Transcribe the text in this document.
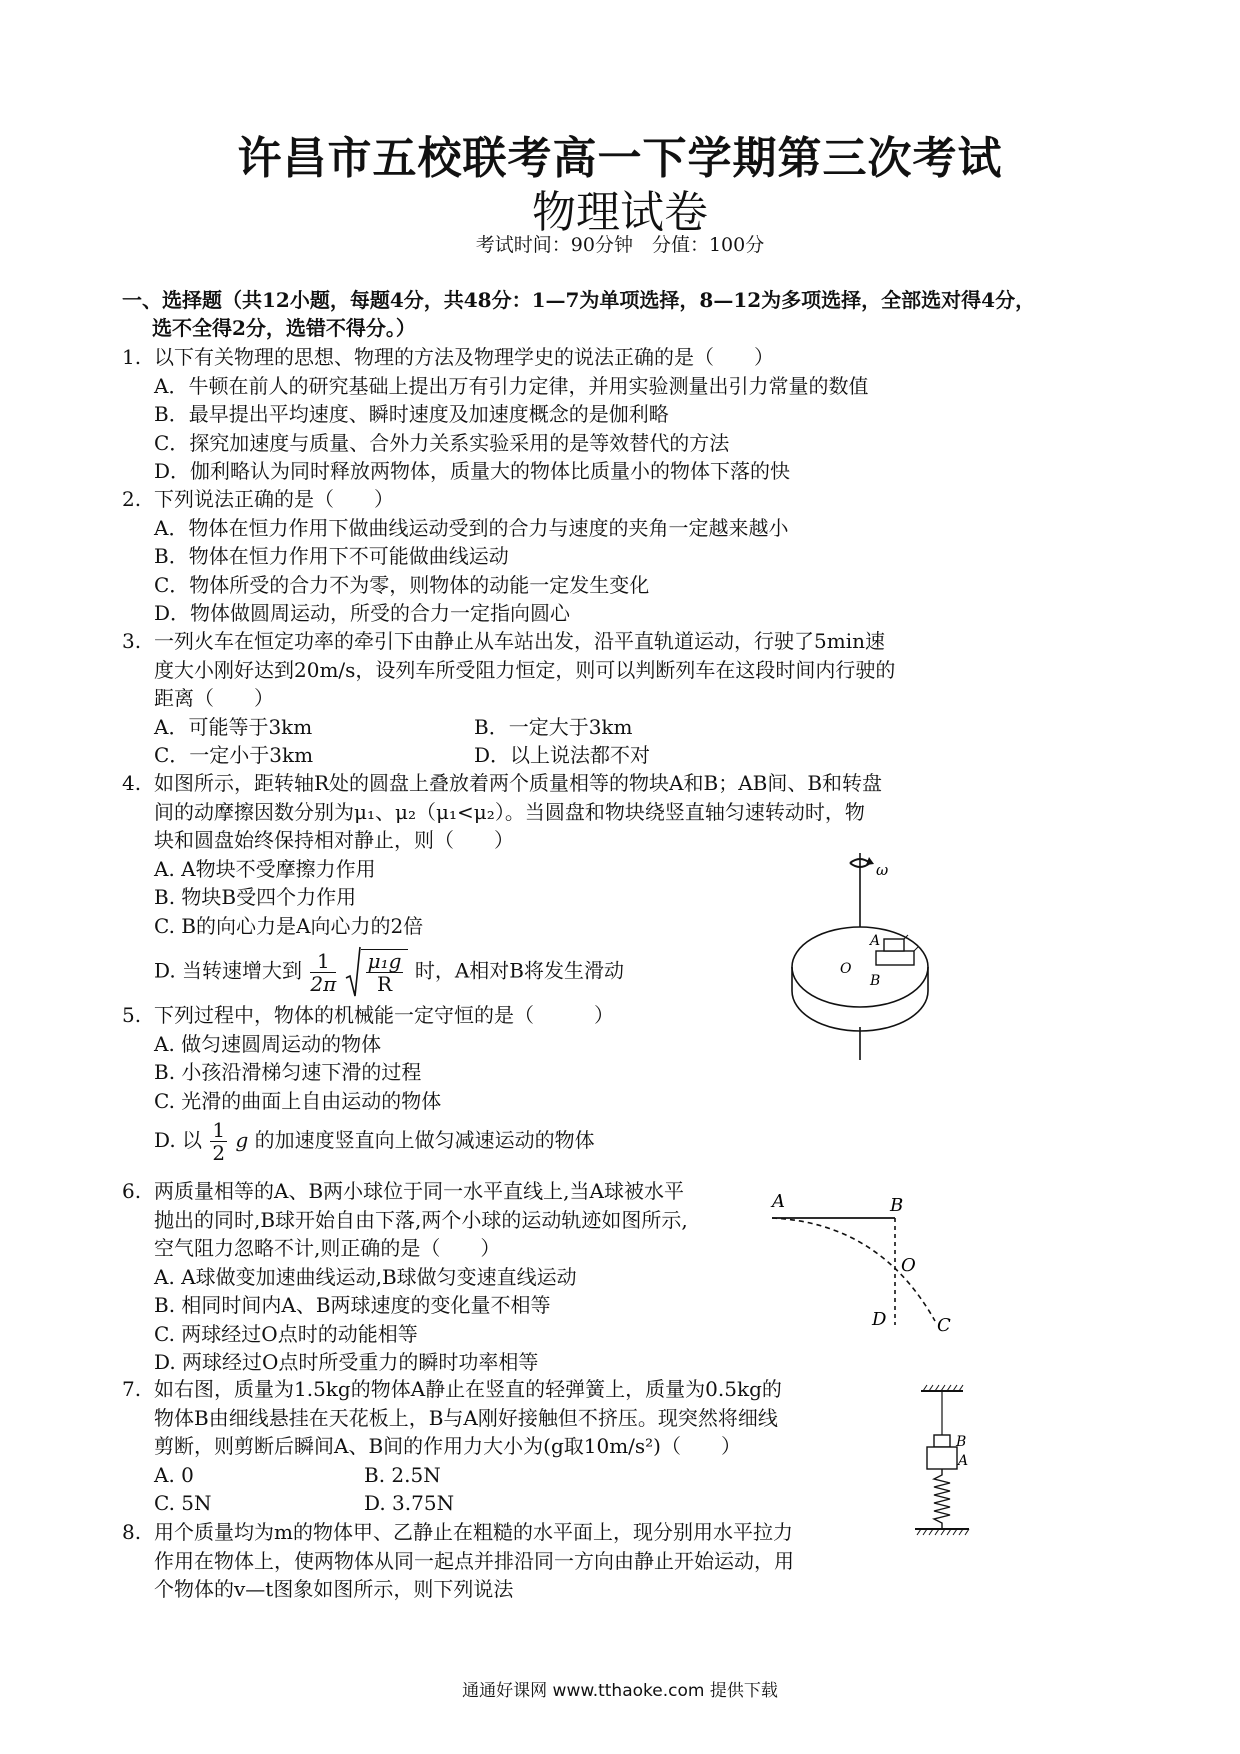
许昌市五校联考高一下学期第三次考试
物理试卷
考试时间：90分钟　分值：100分
一、选择题（共12小题，每题4分，共48分：1—7为单项选择，8—12为多项选择，全部选对得4分，
选不全得2分，选错不得分。）
1. 以下有关物理的思想、物理的方法及物理学史的说法正确的是（　　）
A．牛顿在前人的研究基础上提出万有引力定律，并用实验测量出引力常量的数值
B．最早提出平均速度、瞬时速度及加速度概念的是伽利略
C．探究加速度与质量、合外力关系实验采用的是等效替代的方法
D．伽利略认为同时释放两物体，质量大的物体比质量小的物体下落的快
2. 下列说法正确的是（　　）
A．物体在恒力作用下做曲线运动受到的合力与速度的夹角一定越来越小
B．物体在恒力作用下不可能做曲线运动
C．物体所受的合力不为零，则物体的动能一定发生变化
D．物体做圆周运动，所受的合力一定指向圆心
3. 一列火车在恒定功率的牵引下由静止从车站出发，沿平直轨道运动，行驶了5min速
度大小刚好达到20m/s，设列车所受阻力恒定，则可以判断列车在这段时间内行驶的
距离（　　）
A．可能等于3km	B．一定大于3km
C．一定小于3km	D．以上说法都不对
4. 如图所示，距转轴R处的圆盘上叠放着两个质量相等的物块A和B；AB间、B和转盘
间的动摩擦因数分别为μ₁、μ₂（μ₁<μ₂）。当圆盘和物块绕竖直轴匀速转动时，物
块和圆盘始终保持相对静止，则（　　）
A. A物块不受摩擦力作用
B. 物块B受四个力作用
C. B的向心力是A向心力的2倍
D. 当转速增大到 $\frac{1}{2\pi}$
$\frac{\text{μ₁g}}{R}$ 时，A相对B将发生滑动
5. 下列过程中，物体的机械能一定守恒的是（　　　）
A. 做匀速圆周运动的物体
B. 小孩沿滑梯匀速下滑的过程
C. 光滑的曲面上自由运动的物体
D. 以 $\frac{1}{2}$ g 的加速度竖直向上做匀减速运动的物体
6. 两质量相等的A、B两小球位于同一水平直线上,当A球被水平
抛出的同时,B球开始自由下落,两个小球的运动轨迹如图所示,
空气阻力忽略不计,则正确的是（　　）
A. A球做变加速曲线运动,B球做匀变速直线运动
B. 相同时间内A、B两球速度的变化量不相等
C. 两球经过O点时的动能相等
D. 两球经过O点时所受重力的瞬时功率相等
7. 如右图，质量为1.5kg的物体A静止在竖直的轻弹簧上，质量为0.5kg的
物体B由细线悬挂在天花板上，B与A刚好接触但不挤压。现突然将细线
剪断，则剪断后瞬间A、B间的作用力大小为(g取10m/s²)（　　）
A. 0	B. 2.5N
C. 5N	D. 3.75N
8. 用个质量均为m的物体甲、乙静止在粗糙的水平面上，现分别用水平拉力
作用在物体上，使两物体从同一起点并排沿同一方向由静止开始运动，用
个物体的v—t图象如图所示，则下列说法
ω
A
B
O
A	B
O
D	C
B
A
通通好课网 www.tthaoke.com 提供下载
